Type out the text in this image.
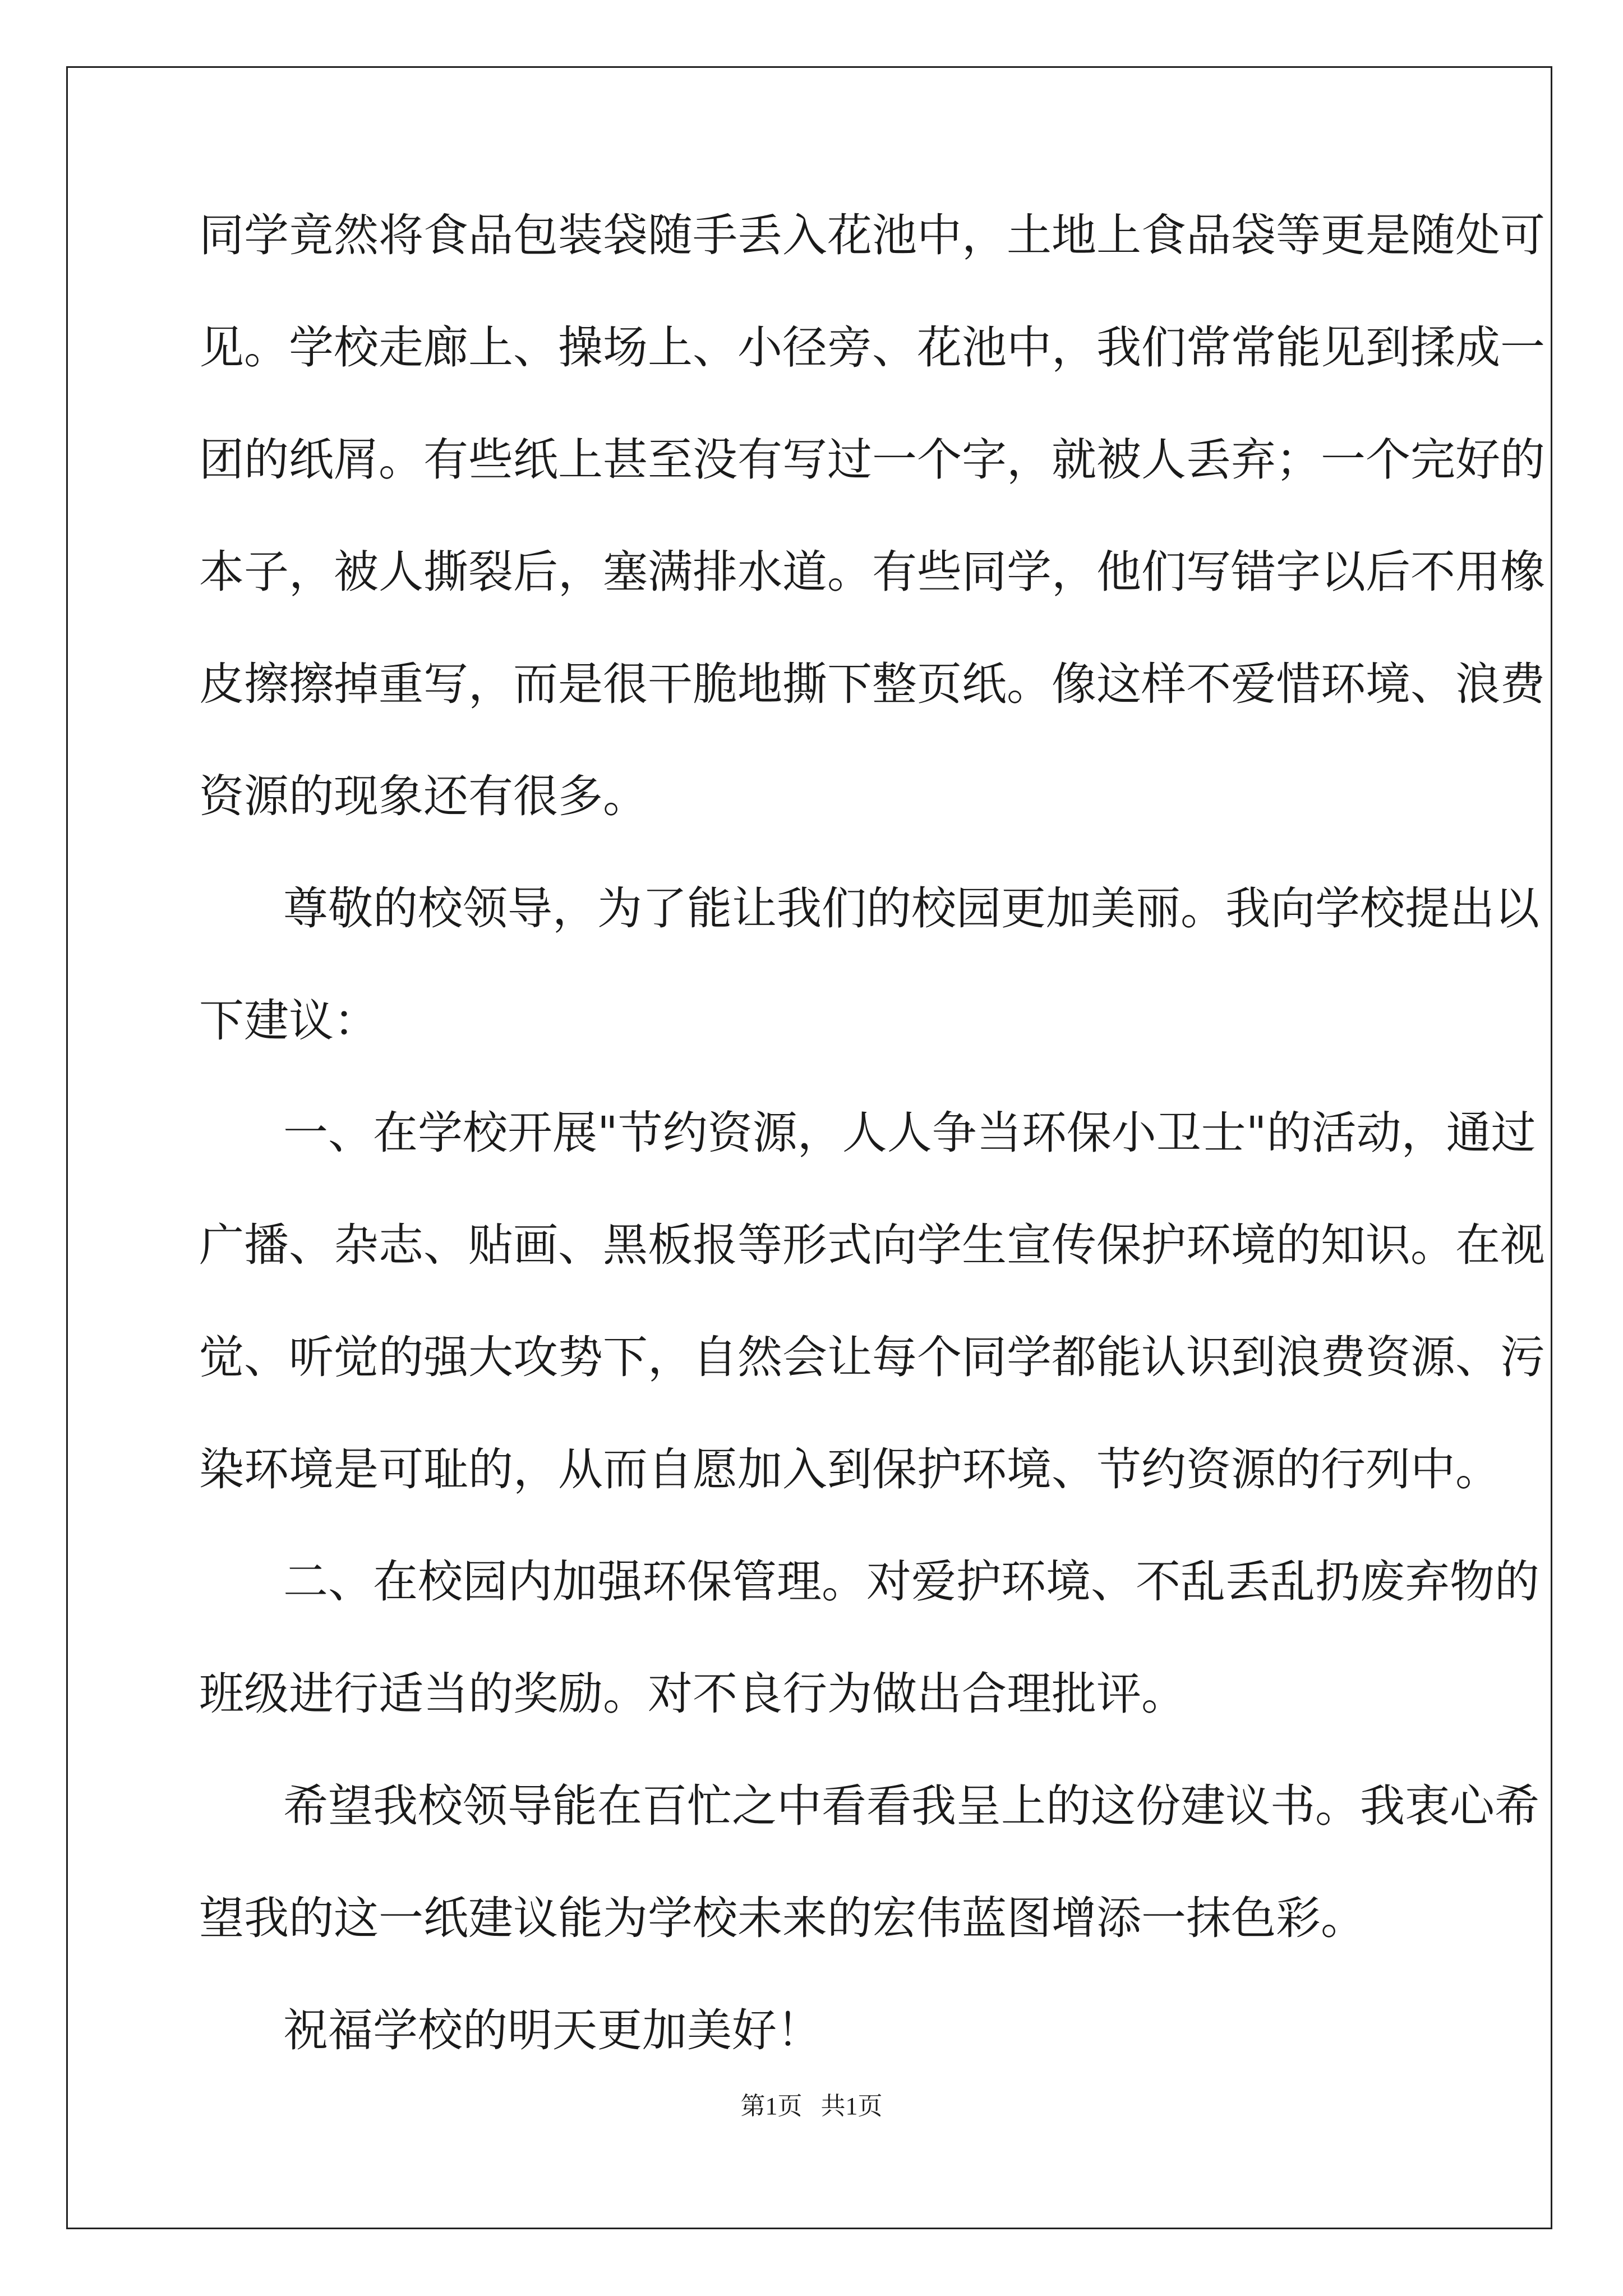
同学竟然将食品包装袋随手丢入花池中，土地上食品袋等更是随处可
见。学校走廊上、操场上、小径旁、花池中，我们常常能见到揉成一
团的纸屑。有些纸上甚至没有写过一个字，就被人丢弃；一个完好的
本子，被人撕裂后，塞满排水道。有些同学，他们写错字以后不用橡
皮擦擦掉重写，而是很干脆地撕下整页纸。像这样不爱惜环境、浪费
资源的现象还有很多。
尊敬的校领导，为了能让我们的校园更加美丽。我向学校提出以
下建议：
一、在学校开展"节约资源，人人争当环保小卫士"的活动，通过
广播、杂志、贴画、黑板报等形式向学生宣传保护环境的知识。在视
觉、听觉的强大攻势下，自然会让每个同学都能认识到浪费资源、污
染环境是可耻的，从而自愿加入到保护环境、节约资源的行列中。
二、在校园内加强环保管理。对爱护环境、不乱丢乱扔废弃物的
班级进行适当的奖励。对不良行为做出合理批评。
希望我校领导能在百忙之中看看我呈上的这份建议书。我衷心希
望我的这一纸建议能为学校未来的宏伟蓝图增添一抹色彩。
祝福学校的明天更加美好！
第1页   共1页
